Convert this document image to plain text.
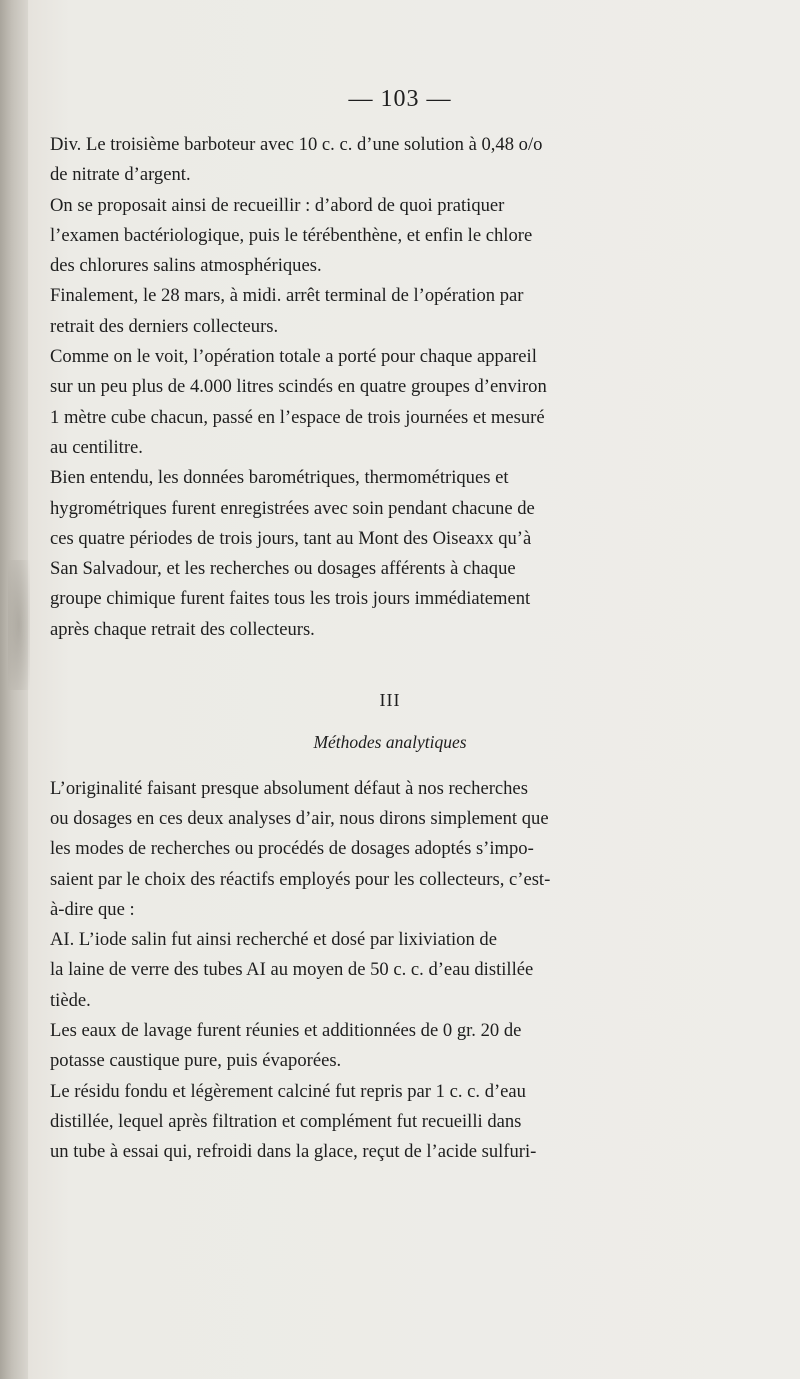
— 103 —

Div. Le troisième barboteur avec 10 c. c. d’une solution à 0,48 o/o
de nitrate d’argent.

On se proposait ainsi de recueillir : d’abord de quoi pratiquer
l’examen bactériologique, puis le térébenthène, et enfin le chlore
des chlorures salins atmosphériques.

Finalement, le 28 mars, à midi. arrêt terminal de l’opération par
retrait des derniers collecteurs.

Comme on le voit, l’opération totale a porté pour chaque appareil
sur un peu plus de 4.000 litres scindés en quatre groupes d’environ
1 mètre cube chacun, passé en l’espace de trois journées et mesuré
au centilitre.

Bien entendu, les données barométriques, thermométriques et
hygrométriques furent enregistrées avec soin pendant chacune de
ces quatre périodes de trois jours, tant au Mont des Oiseaxx qu’à
San Salvadour, et les recherches ou dosages afférents à chaque
groupe chimique furent faites tous les trois jours immédiatement
après chaque retrait des collecteurs.

III
Méthodes analytiques

L’originalité faisant presque absolument défaut à nos recherches
ou dosages en ces deux analyses d’air, nous dirons simplement que
les modes de recherches ou procédés de dosages adoptés s’impo-
saient par le choix des réactifs employés pour les collecteurs, c’est-
à-dire que :

AI. L’iode salin fut ainsi recherché et dosé par lixiviation de
la laine de verre des tubes AI au moyen de 50 c. c. d’eau distillée
tiède.

Les eaux de lavage furent réunies et additionnées de 0 gr. 20 de
potasse caustique pure, puis évaporées.

Le résidu fondu et légèrement calciné fut repris par 1 c. c. d’eau
distillée, lequel après filtration et complément fut recueilli dans
un tube à essai qui, refroidi dans la glace, reçut de l’acide sulfuri-
